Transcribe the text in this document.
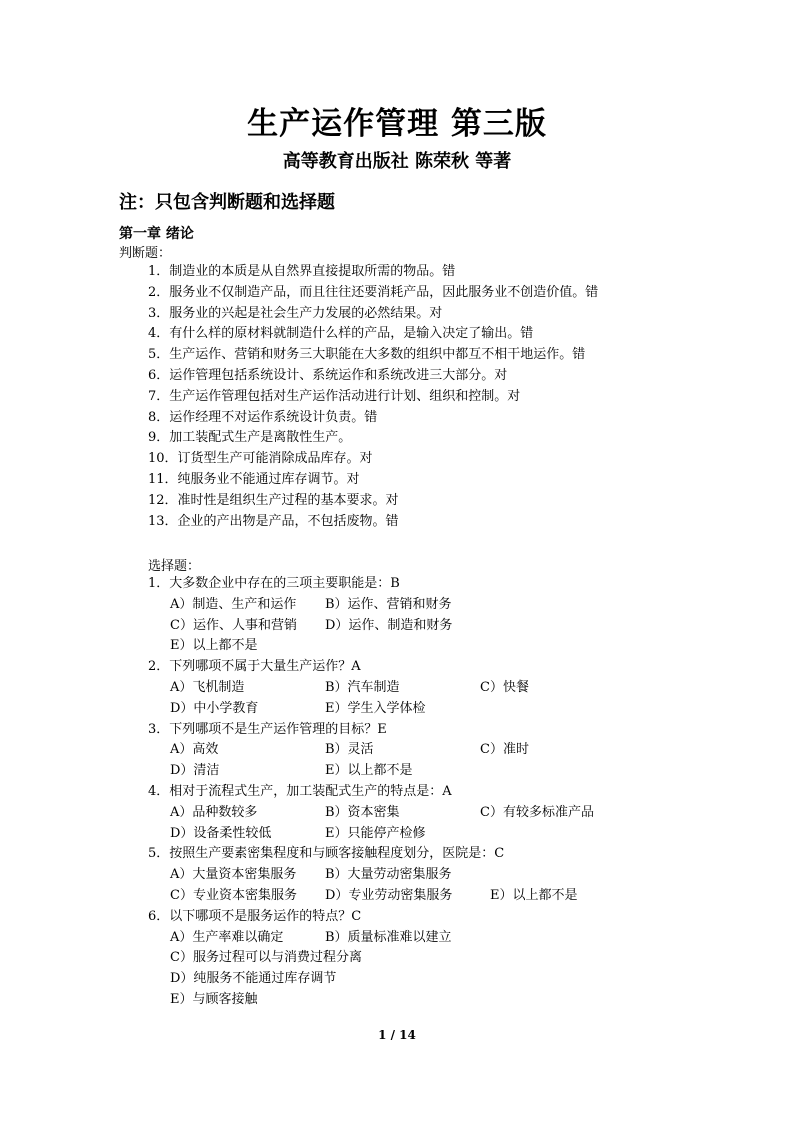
生产运作管理 第三版
高等教育出版社 陈荣秋 等著
注：只包含判断题和选择题
第一章 绪论
判断题：
1．制造业的本质是从自然界直接提取所需的物品。错
2．服务业不仅制造产品，而且往往还要消耗产品，因此服务业不创造价值。错
3．服务业的兴起是社会生产力发展的必然结果。对
4．有什么样的原材料就制造什么样的产品，是输入决定了输出。错
5．生产运作、营销和财务三大职能在大多数的组织中都互不相干地运作。错
6．运作管理包括系统设计、系统运作和系统改进三大部分。对
7．生产运作管理包括对生产运作活动进行计划、组织和控制。对
8．运作经理不对运作系统设计负责。错
9．加工装配式生产是离散性生产。
10．订货型生产可能消除成品库存。对
11．纯服务业不能通过库存调节。对
12．准时性是组织生产过程的基本要求。对
13．企业的产出物是产品，不包括废物。错
选择题：
1．大多数企业中存在的三项主要职能是：B
A）制造、生产和运作	B）运作、营销和财务
C）运作、人事和营销	D）运作、制造和财务
E）以上都不是
2．下列哪项不属于大量生产运作？A
A）飞机制造	B）汽车制造	C）快餐
D）中小学教育	E）学生入学体检
3．下列哪项不是生产运作管理的目标？E
A）高效	B）灵活	C）准时
D）清洁	E）以上都不是
4．相对于流程式生产，加工装配式生产的特点是：A
A）品种数较多	B）资本密集	C）有较多标准产品
D）设备柔性较低	E）只能停产检修
5．按照生产要素密集程度和与顾客接触程度划分，医院是：C
A）大量资本密集服务	B）大量劳动密集服务
C）专业资本密集服务	D）专业劳动密集服务	E）以上都不是
6．以下哪项不是服务运作的特点？C
A）生产率难以确定	B）质量标准难以建立
C）服务过程可以与消费过程分离
D）纯服务不能通过库存调节
E）与顾客接触
1 / 14
